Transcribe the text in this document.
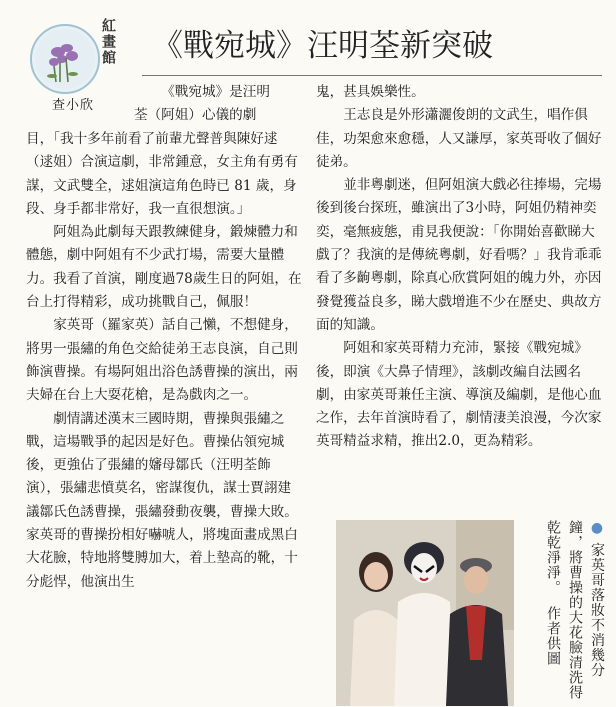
紅畫館
查小欣
《戰宛城》汪明荃新突破

《戰宛城》是汪明

荃（阿姐）心儀的劇

目，「我十多年前看了前輩尤聲普與陳好逑（逑姐）合演這劇，非常鍾意，女主角有勇有謀，文武雙全，逑姐演這角色時已 81 歲，身段、身手都非常好，我一直很想演。」

阿姐為此劇每天跟教練健身，鍛煉體力和體態，劇中阿姐有不少武打場，需要大量體力。我看了首演，剛度過78歲生日的阿姐，在台上打得精彩，成功挑戰自己，佩服！

家英哥（羅家英）話自己懶，不想健身，將男一張繡的角色交給徒弟王志良演，自己則飾演曹操。有場阿姐出浴色誘曹操的演出，兩夫婦在台上大耍花槍，是為戲肉之一。

劇情講述漢末三國時期，曹操與張繡之戰，這場戰爭的起因是好色。曹操佔領宛城後，更強佔了張繡的嬸母鄒氏（汪明荃飾演），張繡悲憤莫名，密謀復仇，謀士賈詡建議鄒氏色誘曹操，張繡發動夜襲，曹操大敗。家英哥的曹操扮相好嚇唬人，將塊面畫成黑白大花臉，特地將雙膊加大，着上墊高的靴，十分彪悍，他演出生

鬼，甚具娛樂性。

王志良是外形瀟灑俊朗的文武生，唱作俱佳，功架愈來愈穩，人又謙厚，家英哥收了個好徒弟。

並非粵劇迷，但阿姐演大戲必往捧場，完場後到後台探班，雖演出了3小時，阿姐仍精神奕奕，毫無疲態，甫見我便說：「你開始喜歡睇大戲了？我演的是傳統粵劇，好看嗎？」我肯乖乖看了多齣粵劇，除真心欣賞阿姐的魄力外，亦因發覺獲益良多，睇大戲增進不少在歷史、典故方面的知識。

阿姐和家英哥精力充沛，緊接《戰宛城》後，即演《大鼻子情理》，該劇改編自法國名劇，由家英哥兼任主演、導演及編劇，是他心血之作，去年首演時看了，劇情淒美浪漫，今次家英哥精益求精，推出2.0，更為精彩。

● 家英哥落妝不消幾分鐘，將曹操的大花臉清洗得乾乾淨淨。 作者供圖
